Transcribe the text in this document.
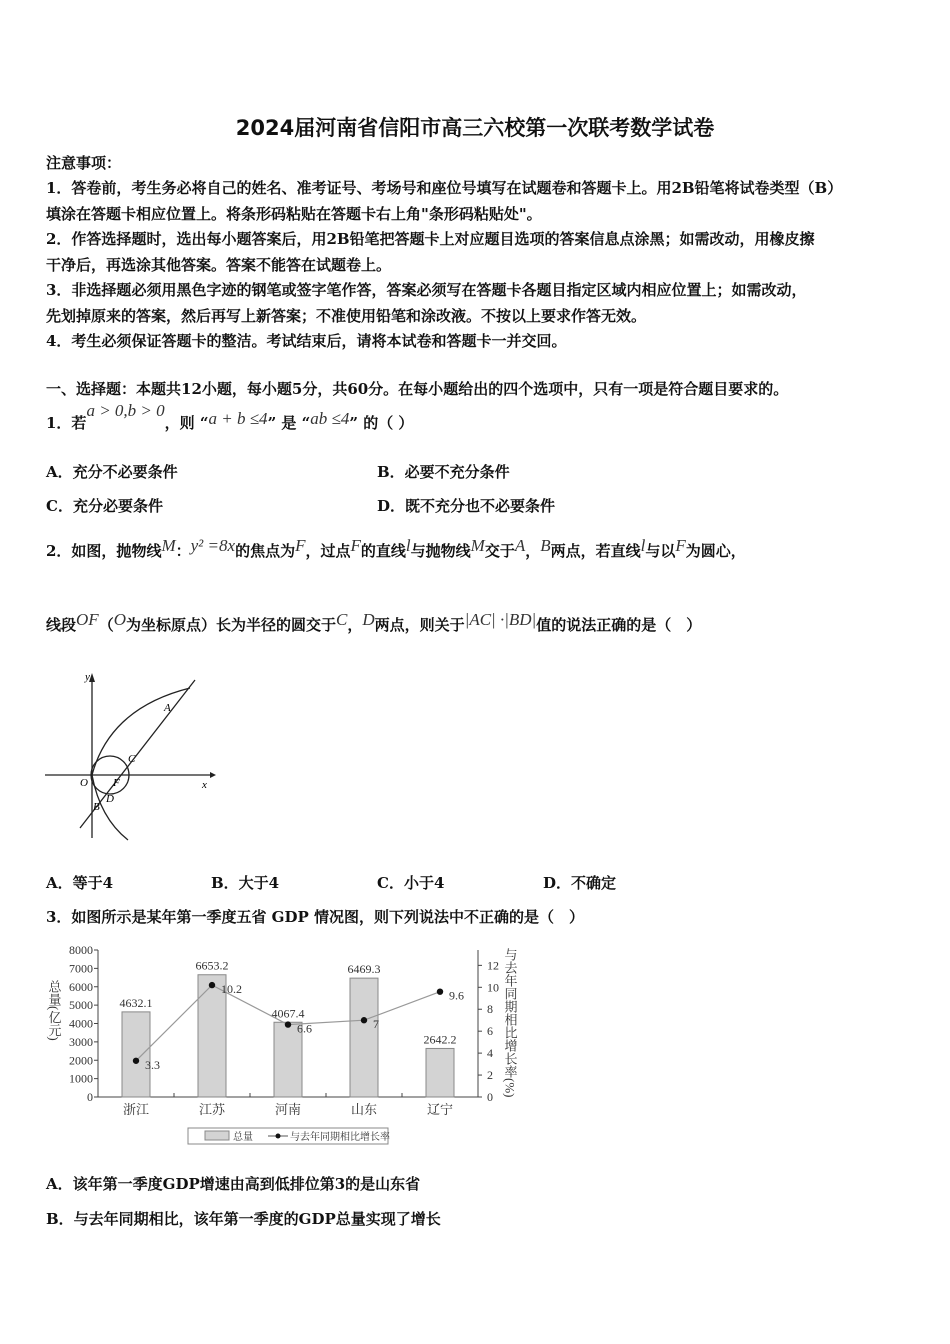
2024届河南省信阳市高三六校第一次联考数学试卷
注意事项：
1．答卷前，考生务必将自己的姓名、准考证号、考场号和座位号填写在试题卷和答题卡上。用2B铅笔将试卷类型（B）
填涂在答题卡相应位置上。将条形码粘贴在答题卡右上角"条形码粘贴处"。
2．作答选择题时，选出每小题答案后，用2B铅笔把答题卡上对应题目选项的答案信息点涂黑；如需改动，用橡皮擦
干净后，再选涂其他答案。答案不能答在试题卷上。
3．非选择题必须用黑色字迹的钢笔或签字笔作答，答案必须写在答题卡各题目指定区域内相应位置上；如需改动，
先划掉原来的答案，然后再写上新答案；不准使用铅笔和涂改液。不按以上要求作答无效。
4．考生必须保证答题卡的整洁。考试结束后，请将本试卷和答题卡一并交回。
一、选择题：本题共12小题，每小题5分，共60分。在每小题给出的四个选项中，只有一项是符合题目要求的。
1．若a > 0,b > 0，则 “a + b ≤4” 是 “ab ≤4” 的（ ）
A．充分不必要条件	B．必要不充分条件
C．充分必要条件	D．既不充分也不必要条件
2．如图，抛物线M：y² =8x的焦点为F，过点F的直线l与抛物线M交于A，B两点，若直线l与以F为圆心，
线段OF（O为坐标原点）长为半径的圆交于C，D两点，则关于|AC| ·|BD|值的说法正确的是（　）
y
x
O F
A
B
C
D
A．等于4	B．大于4	C．小于4	D．不确定
3．如图所示是某年第一季度五省 GDP 情况图，则下列说法中不正确的是（　）
0
1000
2000
3000
4000
5000
6000
7000
8000
0
2
4
6
8
10
12
4632.1
浙江
6653.2
江苏
4067.4
河南
6469.3
山东
2642.2
辽宁
3.3
10.2
6.6	7
9.6
总量(亿元)	与去年同期相比增长率(%)
总量	与去年同期相比增长率
A．该年第一季度GDP增速由高到低排位第3的是山东省
B．与去年同期相比，该年第一季度的GDP总量实现了增长
